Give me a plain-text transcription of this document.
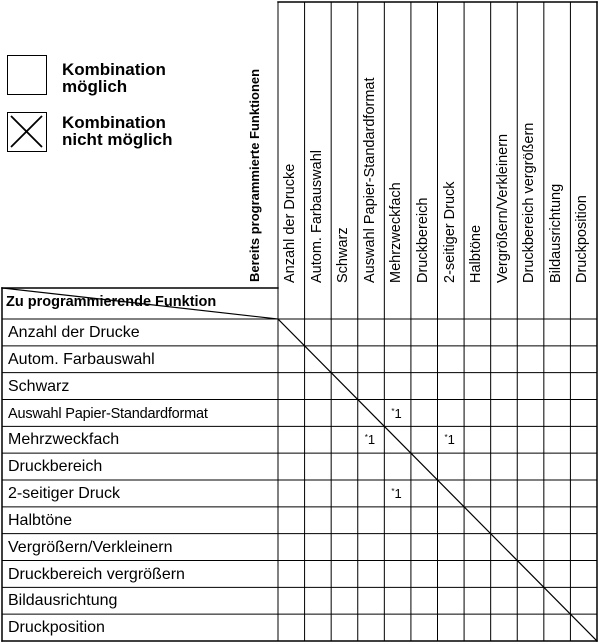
Kombination
möglich
Kombination
nicht möglich	Bereits programmierte Funktionen
Zu programmierende Funktion
Anzahl der Drucke Autom. Farbauswahl Schwarz Auswahl Papier-Standardformat Mehrzweckfach Druckbereich 2-seitiger Druck Halbtöne Vergrößern/Verkleinern Druckbereich vergrößern Bildausrichtung Druckposition
Anzahl der Drucke
Autom. Farbauswahl
Schwarz
Auswahl Papier-Standardformat
Mehrzweckfach
Druckbereich
2-seitiger Druck
Halbtöne
Vergrößern/Verkleinern
Druckbereich vergrößern
Bildausrichtung
Druckposition
*1
*1	*1
*1
